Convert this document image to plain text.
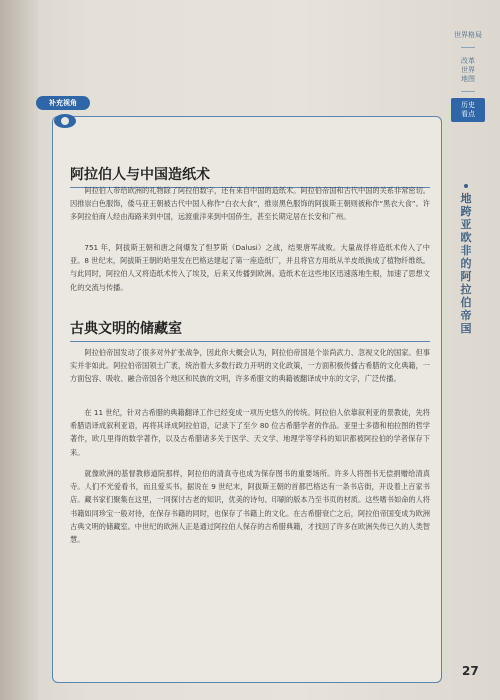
世界格局
改革
世界
地图
历史
看点
地
跨
亚
欧
非
的
阿
拉
伯
帝
国
补充视角
阿拉伯人与中国造纸术

阿拉伯人带给欧洲的礼物除了阿拉伯数字，还有来自中国的造纸术。阿拉伯帝国和古代中国的关系非常密切。因推崇白色服饰，倭马亚王朝被古代中国人称作“白衣大食”，推崇黑色服饰的阿拔斯王朝则被称作“黑衣大食”。许多阿拉伯商人经由海路来到中国，远渡重洋来到中国侨生，甚至长期定居在长安和广州。

751 年，阿拔斯王朝和唐之间爆发了怛罗斯（Dalusi）之战，结果唐军战败。大量战俘将造纸术传入了中亚。8 世纪末，阿拔斯王朝的哈里发在巴格达建起了第一座造纸厂，并且将官方用纸从羊皮纸换成了植物纤维纸。与此同时，阿拉伯人又将造纸术传入了埃及，后来又传播到欧洲。造纸术在这些地区迅速落地生根，加速了思想文化的交流与传播。

古典文明的储藏室

阿拉伯帝国发动了很多对外扩张战争，因此你大概会认为，阿拉伯帝国是个崇尚武力、忽视文化的国家。但事实并非如此。阿拉伯帝国领土广袤，统治着大多数行政力开明的文化政策，一方面积极传播古希腊的文化典籍，一方面包容、吸收、融合帝国各个地区和民族的文明，许多希腊文的典籍被翻译成中东的文字，广泛传播。

在 11 世纪，针对古希腊的典籍翻译工作已经变成一项历史悠久的传统。阿拉伯人依靠叙利亚的景教徒，先将希腊语译成叙利亚语，再将其译成阿拉伯语，记录下了至少 80 位古希腊学者的作品。亚里士多德和柏拉图的哲学著作，欧几里得的数学著作，以及古希腊诸多关于医学、天文学、地理学等学科的知识都被阿拉伯的学者保存下来。

就像欧洲的基督教修道院那样，阿拉伯的清真寺也成为保存图书的重要场所。许多人将图书无偿捐赠给清真寺。人们不光爱看书，而且爱买书。据说在 9 世纪末，阿拔斯王朝的首都巴格达有一条书店街，开设着上百家书店。藏书家们聚集在这里，一同探讨古老的知识，优美的诗句、印刷的版本乃至书页的材质。这些嗜书如命的人将书籍如同珍宝一般对待，在保存书籍的同时，也保存了书籍上的文化。在古希腊衰亡之后，阿拉伯帝国变成为欧洲古典文明的储藏室。中世纪的欧洲人正是通过阿拉伯人保存的古希腊典籍，才找回了许多在欧洲失传已久的人类智慧。

27
